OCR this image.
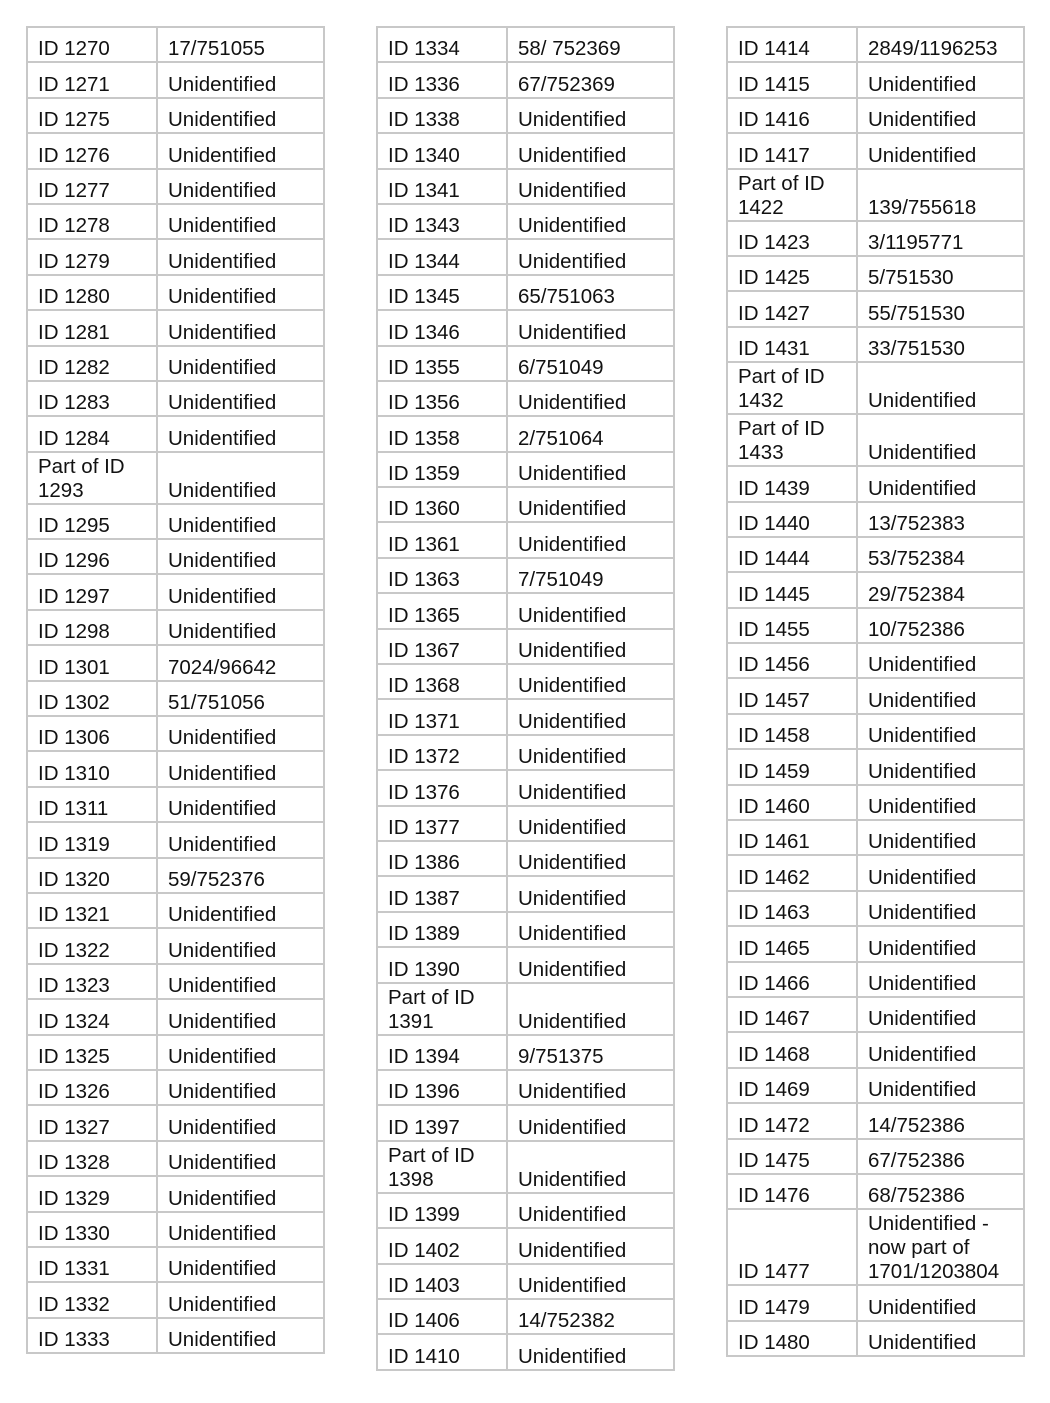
ID 1270	17/751055
ID 1271	Unidentified
ID 1275	Unidentified
ID 1276	Unidentified
ID 1277	Unidentified
ID 1278	Unidentified
ID 1279	Unidentified
ID 1280	Unidentified
ID 1281	Unidentified
ID 1282	Unidentified
ID 1283	Unidentified
ID 1284	Unidentified
Part of ID
1293	Unidentified
ID 1295	Unidentified
ID 1296	Unidentified
ID 1297	Unidentified
ID 1298	Unidentified
ID 1301	7024/96642
ID 1302	51/751056
ID 1306	Unidentified
ID 1310	Unidentified
ID 1311	Unidentified
ID 1319	Unidentified
ID 1320	59/752376
ID 1321	Unidentified
ID 1322	Unidentified
ID 1323	Unidentified
ID 1324	Unidentified
ID 1325	Unidentified
ID 1326	Unidentified
ID 1327	Unidentified
ID 1328	Unidentified
ID 1329	Unidentified
ID 1330	Unidentified
ID 1331	Unidentified
ID 1332	Unidentified
ID 1333	Unidentified
ID 1334	58/ 752369
ID 1336	67/752369
ID 1338	Unidentified
ID 1340	Unidentified
ID 1341	Unidentified
ID 1343	Unidentified
ID 1344	Unidentified
ID 1345	65/751063
ID 1346	Unidentified
ID 1355	6/751049
ID 1356	Unidentified
ID 1358	2/751064
ID 1359	Unidentified
ID 1360	Unidentified
ID 1361	Unidentified
ID 1363	7/751049
ID 1365	Unidentified
ID 1367	Unidentified
ID 1368	Unidentified
ID 1371	Unidentified
ID 1372	Unidentified
ID 1376	Unidentified
ID 1377	Unidentified
ID 1386	Unidentified
ID 1387	Unidentified
ID 1389	Unidentified
ID 1390	Unidentified
Part of ID
1391	Unidentified
ID 1394	9/751375
ID 1396	Unidentified
ID 1397	Unidentified
Part of ID
1398	Unidentified
ID 1399	Unidentified
ID 1402	Unidentified
ID 1403	Unidentified
ID 1406	14/752382
ID 1410	Unidentified
ID 1414	2849/1196253
ID 1415	Unidentified
ID 1416	Unidentified
ID 1417	Unidentified
Part of ID
1422	139/755618
ID 1423	3/1195771
ID 1425	5/751530
ID 1427	55/751530
ID 1431	33/751530
Part of ID
1432	Unidentified
Part of ID
1433	Unidentified
ID 1439	Unidentified
ID 1440	13/752383
ID 1444	53/752384
ID 1445	29/752384
ID 1455	10/752386
ID 1456	Unidentified
ID 1457	Unidentified
ID 1458	Unidentified
ID 1459	Unidentified
ID 1460	Unidentified
ID 1461	Unidentified
ID 1462	Unidentified
ID 1463	Unidentified
ID 1465	Unidentified
ID 1466	Unidentified
ID 1467	Unidentified
ID 1468	Unidentified
ID 1469	Unidentified
ID 1472	14/752386
ID 1475	67/752386
ID 1476	68/752386
ID 1477	Unidentified -
now part of
1701/1203804
ID 1479	Unidentified
ID 1480	Unidentified
